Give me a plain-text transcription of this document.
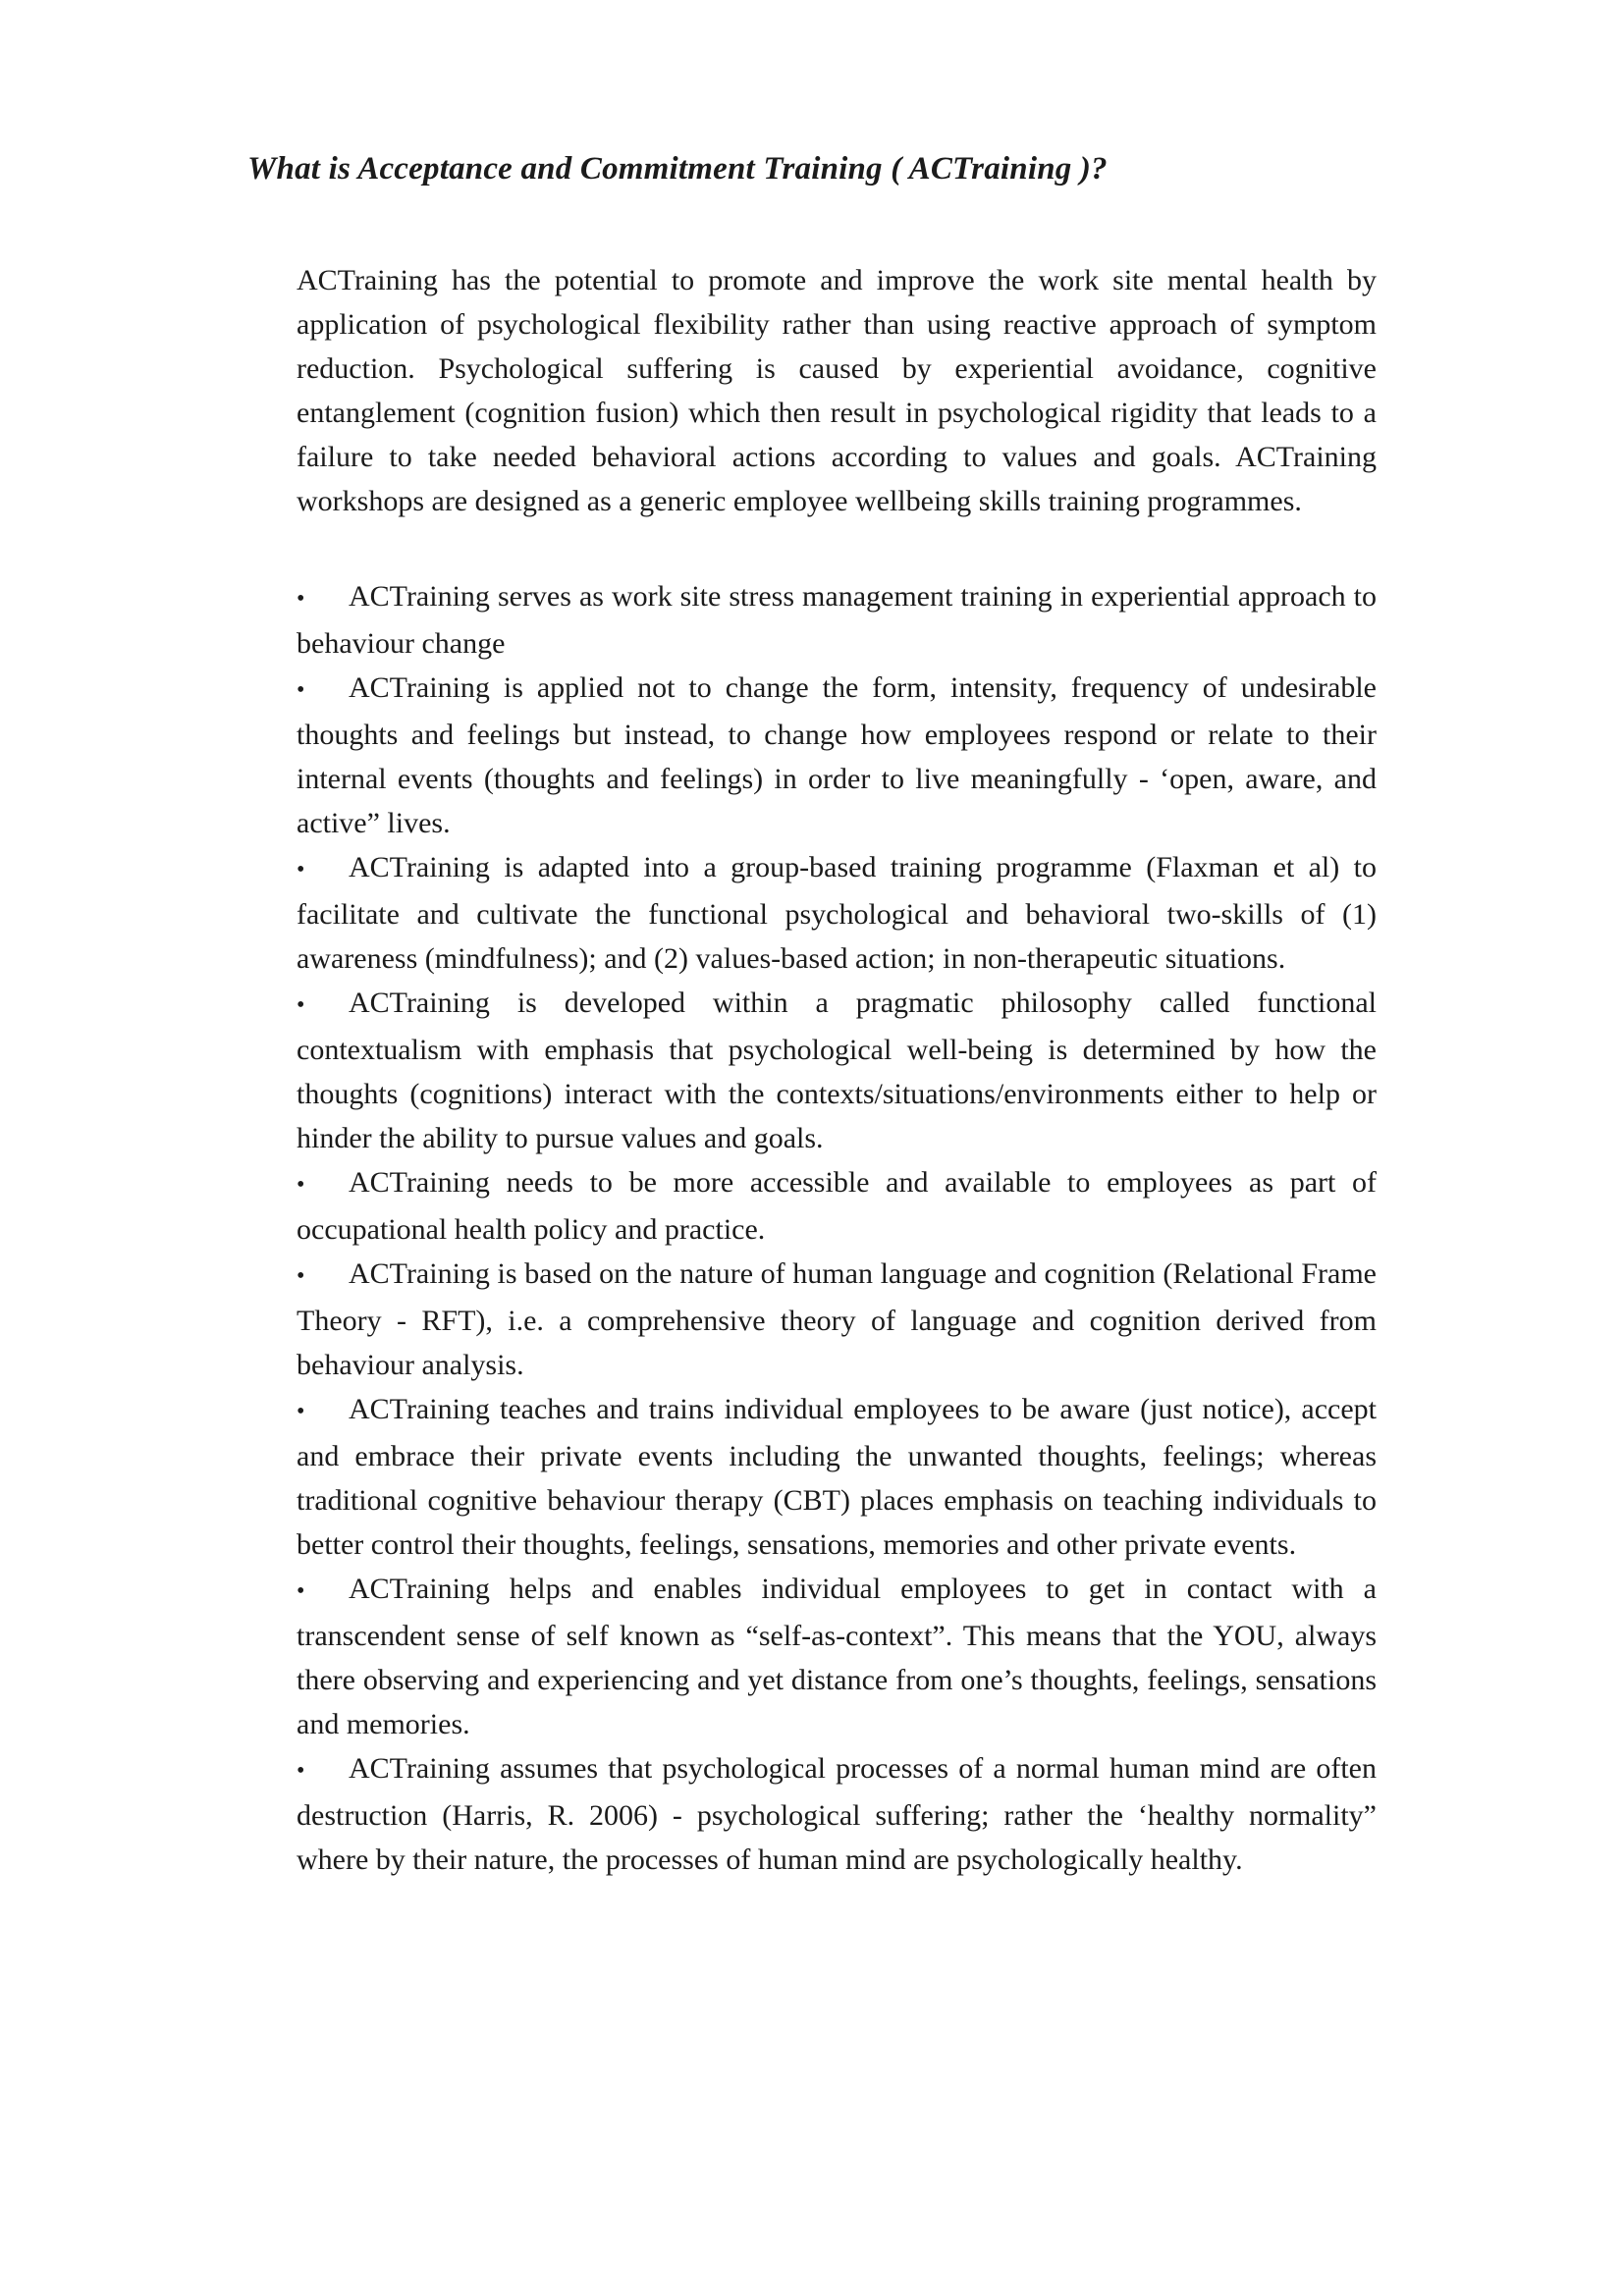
What is Acceptance and Commitment Training ( ACTraining )?

ACTraining has the potential to promote and improve the work site mental health by application of psychological flexibility rather than using reactive approach of symptom reduction. Psychological suffering is caused by experiential avoidance, cognitive entanglement (cognition fusion) which then result in psychological rigidity that leads to a failure to take needed behavioral actions according to values and goals. ACTraining workshops are designed as a generic employee wellbeing skills training programmes.

• ACTraining serves as work site stress management training in experiential approach to behaviour change

• ACTraining is applied not to change the form, intensity, frequency of undesirable thoughts and feelings but instead, to change how employees respond or relate to their internal events (thoughts and feelings) in order to live meaningfully - ‘open, aware, and active” lives.

• ACTraining is adapted into a group-based training programme (Flaxman et al) to facilitate and cultivate the functional psychological and behavioral two-skills of (1) awareness (mindfulness); and (2) values-based action; in non-therapeutic situations.

• ACTraining is developed within a pragmatic philosophy called functional contextualism with emphasis that psychological well-being is determined by how the thoughts (cognitions) interact with the contexts/situations/environments either to help or hinder the ability to pursue values and goals.

• ACTraining needs to be more accessible and available to employees as part of occupational health policy and practice.

• ACTraining is based on the nature of human language and cognition (Relational Frame Theory - RFT), i.e. a comprehensive theory of language and cognition derived from behaviour analysis.

• ACTraining teaches and trains individual employees to be aware (just notice), accept and embrace their private events including the unwanted thoughts, feelings; whereas traditional cognitive behaviour therapy (CBT) places emphasis on teaching individuals to better control their thoughts, feelings, sensations, memories and other private events.

• ACTraining helps and enables individual employees to get in contact with a transcendent sense of self known as “self-as-context”. This means that the YOU, always there observing and experiencing and yet distance from one’s thoughts, feelings, sensations and memories.

• ACTraining assumes that psychological processes of a normal human mind are often destruction (Harris, R. 2006) - psychological suffering; rather the ‘healthy normality” where by their nature, the processes of human mind are psychologically healthy.
